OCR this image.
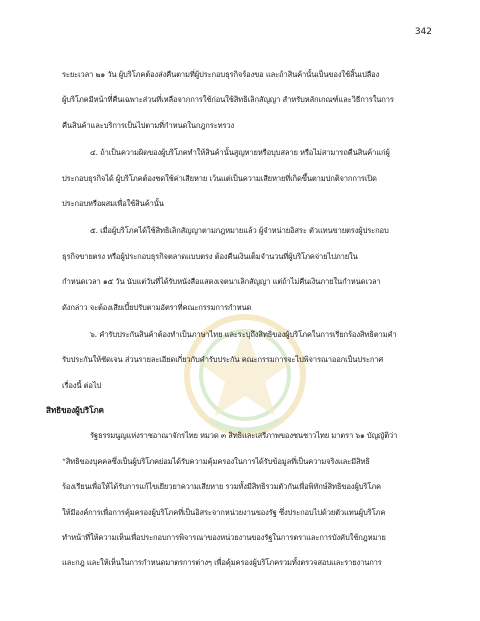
342
ระยะเวลา ๒๑ วัน ผู้บริโภคต้องส่งคืนตามที่ผู้ประกอบธุรกิจร้องขอ และถ้าสินค้านั้นเป็นของใช้สิ้นเปลือง
ผู้บริโภคมีหน้าที่คืนเฉพาะส่วนที่เหลือจากการใช้ก่อนใช้สิทธิเลิกสัญญา สำหรับหลักเกณฑ์และวิธีการในการ
คืนสินค้าและบริการเป็นไปตามที่กำหนดในกฎกระทรวง
๔. ถ้าเป็นความผิดของผู้บริโภคทำให้สินค้านั้นสูญหายหรือบุบสลาย หรือไม่สามารถคืนสินค้าแก่ผู้
ประกอบธุรกิจได้ ผู้บริโภคต้องชดใช้ค่าเสียหาย เว้นแต่เป็นความเสียหายที่เกิดขึ้นตามปกติจากการเปิด
ประกอบหรือผสมเพื่อใช้สินค้านั้น
๕. เมื่อผู้บริโภคได้ใช้สิทธิเลิกสัญญาตามกฎหมายแล้ว ผู้จำหน่ายอิสระ ตัวแทนขายตรงผู้ประกอบ
ธุรกิจขายตรง หรือผู้ประกอบธุรกิจตลาดแบบตรง ต้องคืนเงินเต็มจำนวนที่ผู้บริโภคจ่ายไปภายใน
กำหนดเวลา ๑๕ วัน นับแต่วันที่ได้รับหนังสือแสดงเจตนาเลิกสัญญา แต่ถ้าไม่คืนเงินภายในกำหนดเวลา
ดังกล่าว จะต้องเสียเบี้ยปรับตามอัตราที่คณะกรรมการกำหนด
๖. คำรับประกันสินค้าต้องทำเป็นภาษาไทย และระบุถึงสิทธิของผู้บริโภคในการเรียกร้องสิทธิตามคำ
รับประกันให้ชัดเจน ส่วนรายละเอียดเกี่ยวกับคำรับประกัน คณะกรรมการจะไปพิจารณาออกเป็นประกาศ
เรื่องนี้ ต่อไป
สิทธิของผู้บริโภค
รัฐธรรมนูญแห่งราชอาณาจักรไทย หมวด ๓ สิทธิและเสรีภาพของชนชาวไทย มาตรา ๖๑ บัญญัติว่า
“สิทธิของบุคคลซึ่งเป็นผู้บริโภคย่อมได้รับความคุ้มครองในการได้รับข้อมูลที่เป็นความจริงและมีสิทธิ
ร้องเรียนเพื่อให้ได้รับการแก้ไขเยียวยาความเสียหาย รวมทั้งมีสิทธิรวมตัวกันเพื่อพิทักษ์สิทธิของผู้บริโภค
ให้มีองค์การเพื่อการคุ้มครองผู้บริโภคที่เป็นอิสระจากหน่วยงานของรัฐ ซึ่งประกอบไปด้วยตัวแทนผู้บริโภค
ทำหน้าที่ให้ความเห็นเพื่อประกอบการพิจารณาของหน่วยงานของรัฐในการตราและการบังคับใช้กฎหมาย
และกฎ และให้เห็นในการกำหนดมาตรการต่างๆ เพื่อคุ้มครองผู้บริโภครวมทั้งตรวจสอบและรายงานการ
